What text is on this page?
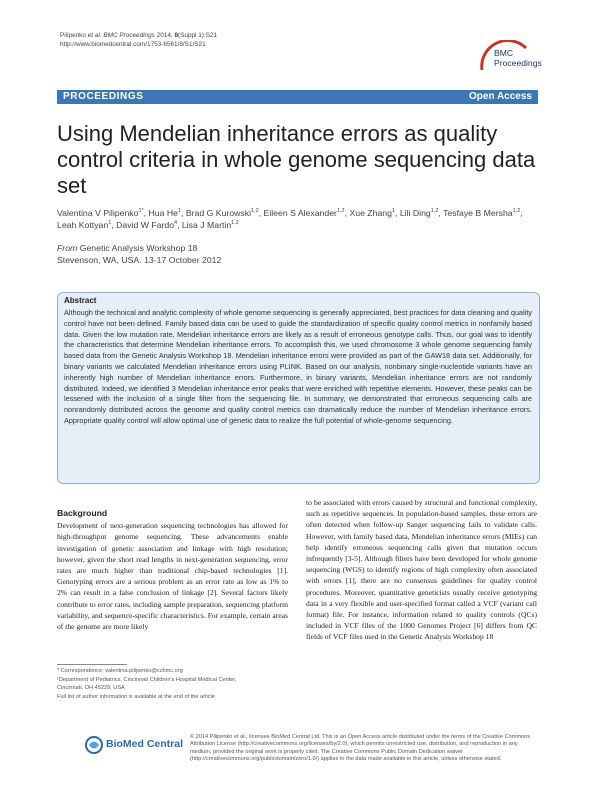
Pilipenko et al. BMC Proceedings 2014, 8(Suppl 1):S21
http://www.biomedcentral.com/1753-6561/8/S1/S21
BMC
Proceedings
PROCEEDINGS	Open Access
Using Mendelian inheritance errors as quality control criteria in whole genome sequencing data set
Valentina V Pilipenko$^{1*}$, Hua He$^1$, Brad G Kurowski$^{1,2}$, Eileen S Alexander$^{1,2}$, Xue Zhang$^1$, Lili Ding$^{1,2}$, Tesfaye B Mersha$^{1,2}$, Leah Kottyan$^1$, David W Fardo$^4$, Lisa J Martin$^{1,2}$
From Genetic Analysis Workshop 18
Stevenson, WA, USA. 13-17 October 2012
Abstract
Although the technical and analytic complexity of whole genome sequencing is generally appreciated, best practices for data cleaning and quality control have not been defined. Family based data can be used to guide the standardization of specific quality control metrics in nonfamily based data. Given the low mutation rate, Mendelian inheritance errors are likely as a result of erroneous genotype calls. Thus, our goal was to identify the characteristics that determine Mendelian inheritance errors. To accomplish this, we used chromosome 3 whole genome sequencing family based data from the Genetic Analysis Workshop 18. Mendelian inheritance errors were provided as part of the GAW18 data set. Additionally, for binary variants we calculated Mendelian inheritance errors using PLINK. Based on our analysis, nonbinary single-nucleotide variants have an inherently high number of Mendelian inheritance errors. Furthermore, in binary variants, Mendelian inheritance errors are not randomly distributed. Indeed, we identified 3 Mendelian inheritance error peaks that were enriched with repetitive elements. However, these peaks can be lessened with the inclusion of a single filter from the sequencing file. In summary, we demonstrated that erroneous sequencing calls are nonrandomly distributed across the genome and quality control metrics can dramatically reduce the number of Mendelian inheritance errors. Appropriate quality control will allow optimal use of genetic data to realize the full potential of whole-genome sequencing.
Background

Development of next-generation sequencing technologies has allowed for high-throughput genome sequencing. These advancements enable investigation of genetic association and linkage with high resolution; however, given the short read lengths in next-generation sequencing, error rates are much higher than traditional chip-based technologies [1]. Genotyping errors are a serious problem as an error rate as low as 1% to 2% can result in a false conclusion of linkage [2]. Several factors likely contribute to error rates, including sample preparation, sequencing platform variability, and sequence-specific characteristics. For example, certain areas of the genome are more likely

to be associated with errors caused by structural and functional complexity, such as repetitive sequences. In population-based samples, these errors are often detected when follow-up Sanger sequencing fails to validate calls. However, with family based data, Mendelian inheritance errors (MIEs) can help identify erroneous sequencing calls given that mutation occurs infrequently [3-5]. Although filters have been developed for whole genome sequencing (WGS) to identify regions of high complexity often associated with errors [1], there are no consensus guidelines for quality control procedures. Moreover, quantitative geneticists usually receive genotyping data in a very flexible and user-specified format called a VCF (variant call format) file. For instance, information related to quality controls (QCs) included in VCF files of the 1000 Genomes Project [6] differs from QC fields of VCF files used in the Genetic Analysis Workshop 18

* Correspondence: valentina.pilipenko@cchmc.org
¹Department of Pediatrics, Cincinnati Children's Hospital Medical Center,
Cincinnati, OH 45229, USA
Full list of author information is available at the end of the article
BioMed Central
© 2014 Pilipenko et al.; licensee BioMed Central Ltd. This is an Open Access article distributed under the terms of the Creative Commons Attribution License (http://creativecommons.org/licenses/by/2.0), which permits unrestricted use, distribution, and reproduction in any medium, provided the original work is properly cited. The Creative Commons Public Domain Dedication waiver (http://creativecommons.org/publicdomain/zero/1.0/) applies to the data made available in this article, unless otherwise stated.
